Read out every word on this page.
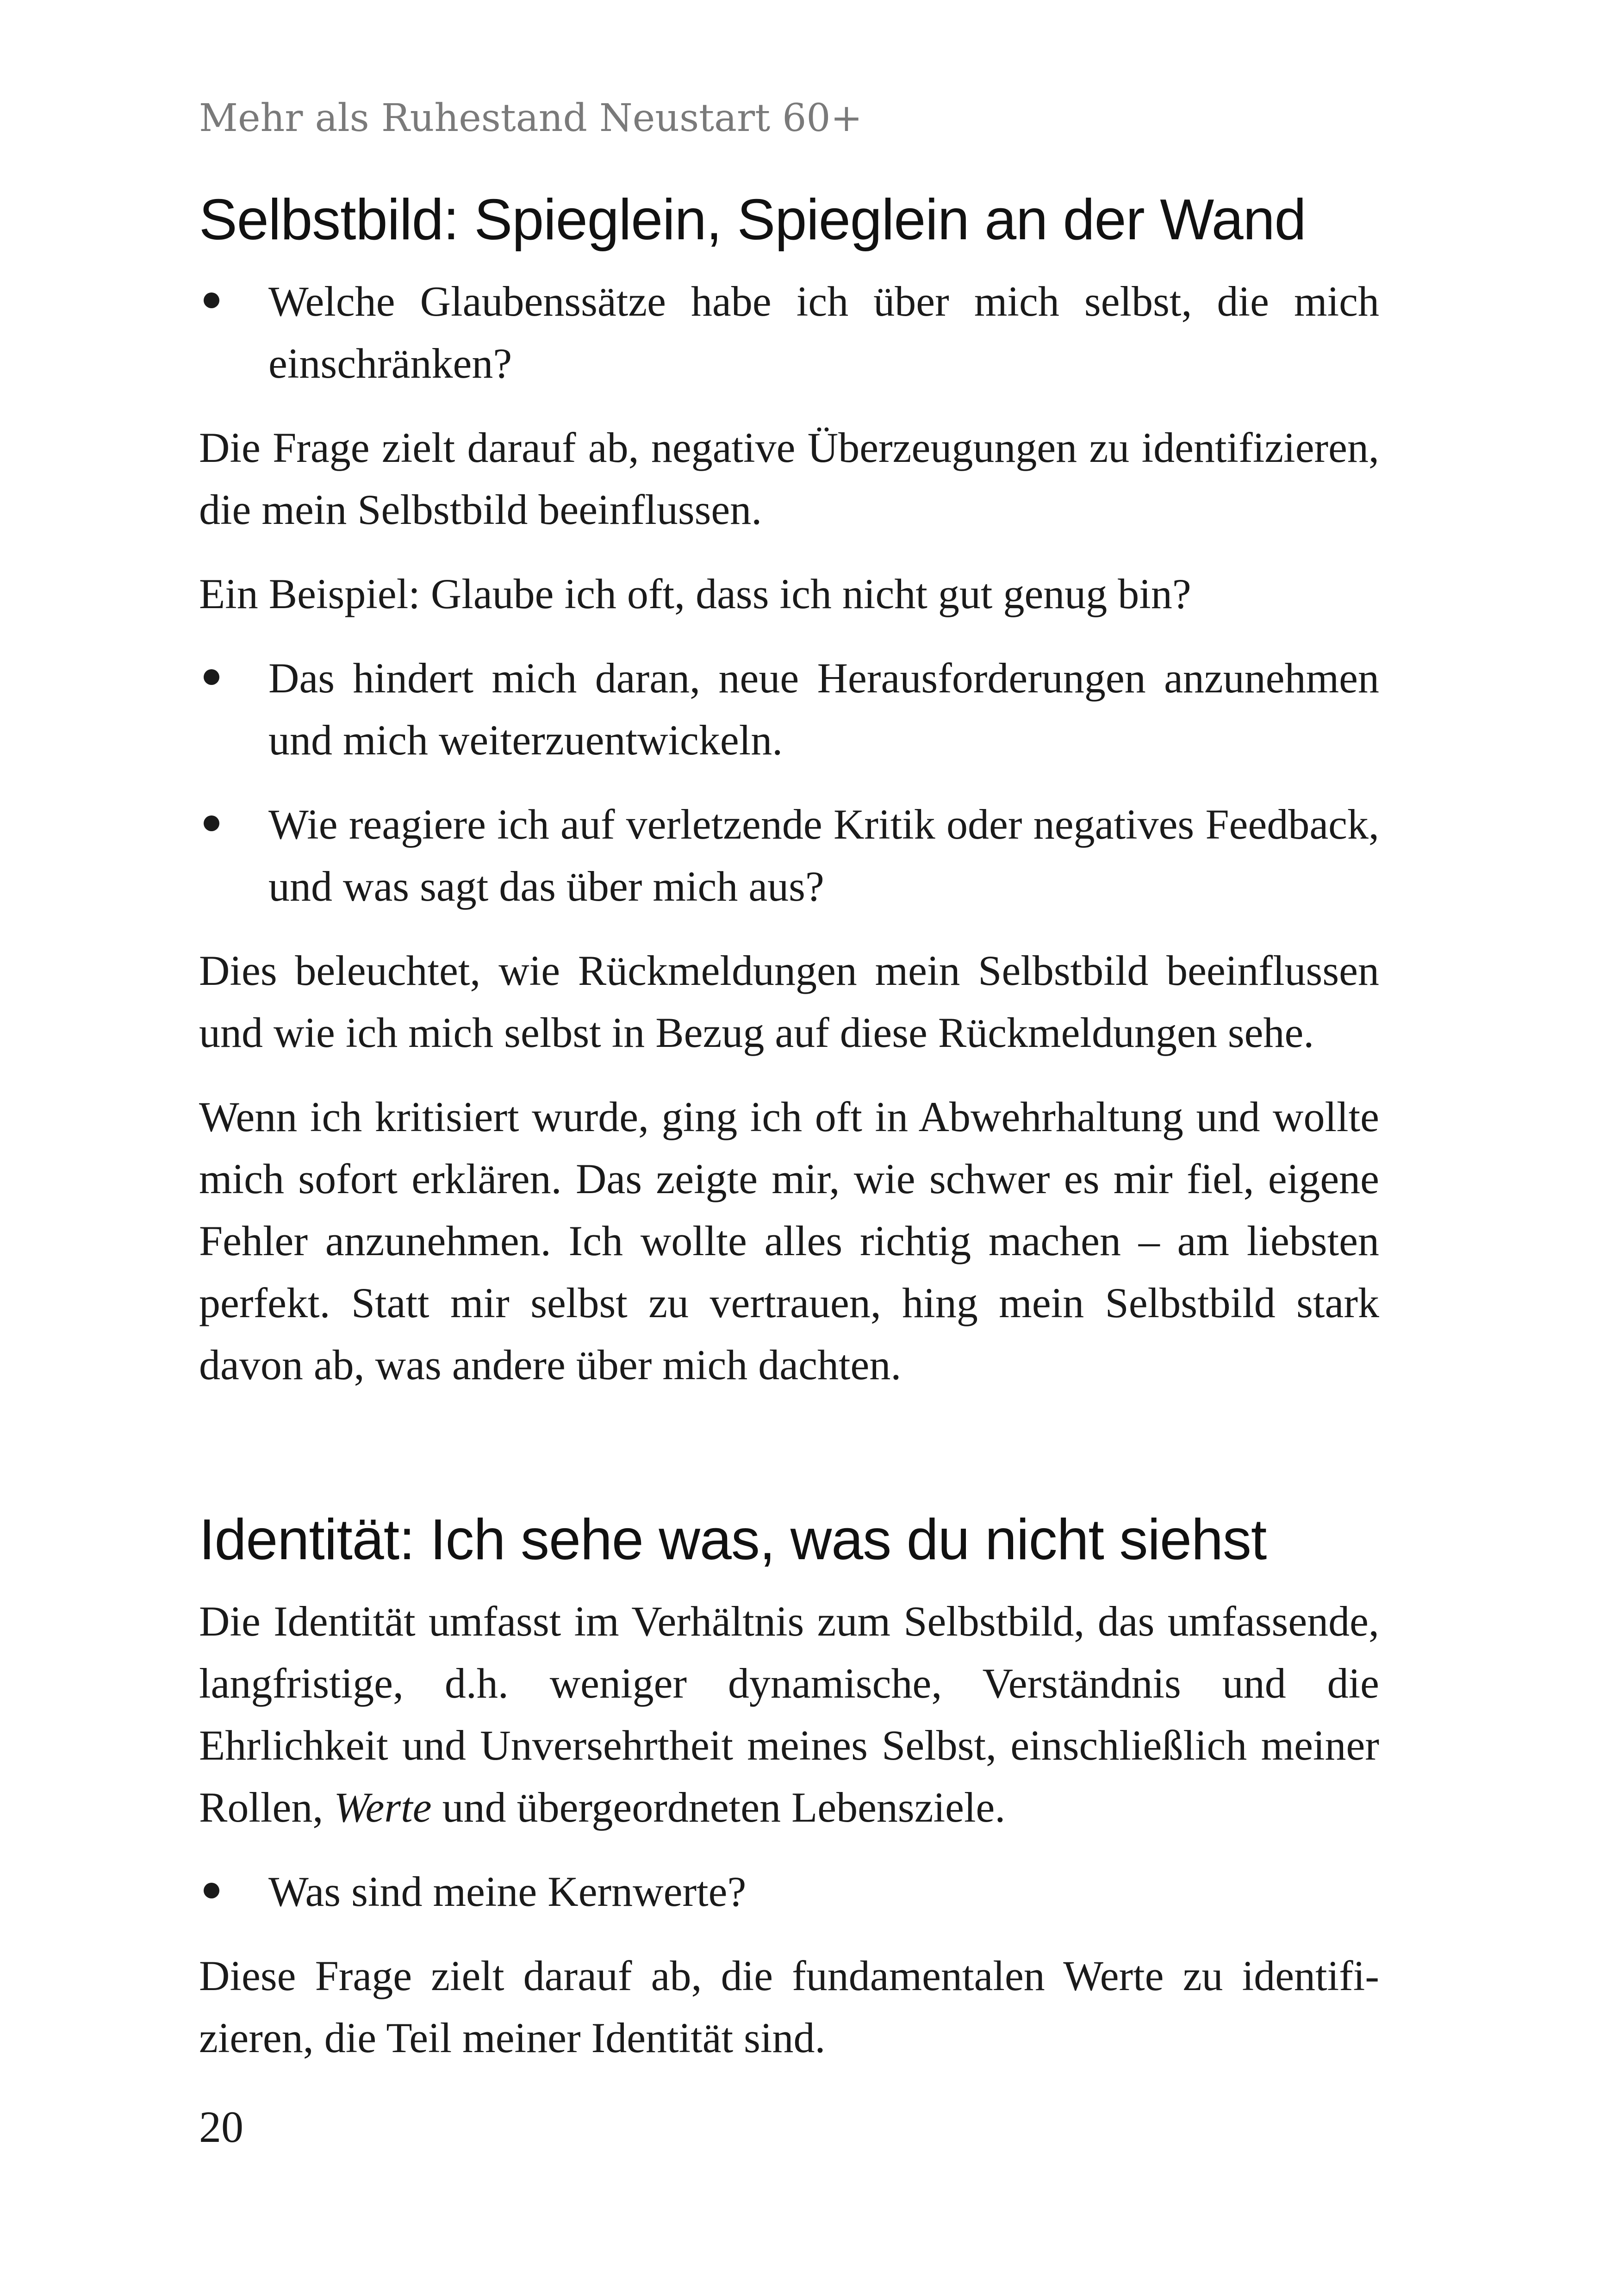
Mehr als Ruhestand Neustart 60+
Selbstbild: Spieglein, Spieglein an der Wand
Welche Glaubenssätze habe ich über mich selbst, die mich einschränken?

Die Frage zielt darauf ab, negative Überzeugungen zu identifizieren, die mein Selbstbild beeinflussen.

Ein Beispiel: Glaube ich oft, dass ich nicht gut genug bin?

Das hindert mich daran, neue Herausforderungen anzunehmen und mich weiterzuentwickeln.
Wie reagiere ich auf verletzende Kritik oder negatives Feedback, und was sagt das über mich aus?

Dies beleuchtet, wie Rückmeldungen mein Selbstbild beeinflussen und wie ich mich selbst in Bezug auf diese Rückmeldungen sehe.

Wenn ich kritisiert wurde, ging ich oft in Abwehrhaltung und wollte mich sofort erklären. Das zeigte mir, wie schwer es mir fiel, eigene Fehler anzunehmen. Ich wollte alles richtig machen – am liebsten perfekt. Statt mir selbst zu vertrauen, hing mein Selbstbild stark davon ab, was andere über mich dachten.

Identität: Ich sehe was, was du nicht siehst

Die Identität umfasst im Verhältnis zum Selbstbild, das umfassende, langfristige, d.h. weniger dynamische, Verständnis und die Ehrlichkeit und Unversehrtheit meines Selbst, einschließlich meiner Rollen, Werte und übergeordneten Lebensziele.

Was sind meine Kernwerte?

Diese Frage zielt darauf ab, die fundamentalen Werte zu identifizieren, die Teil meiner Identität sind.

20
